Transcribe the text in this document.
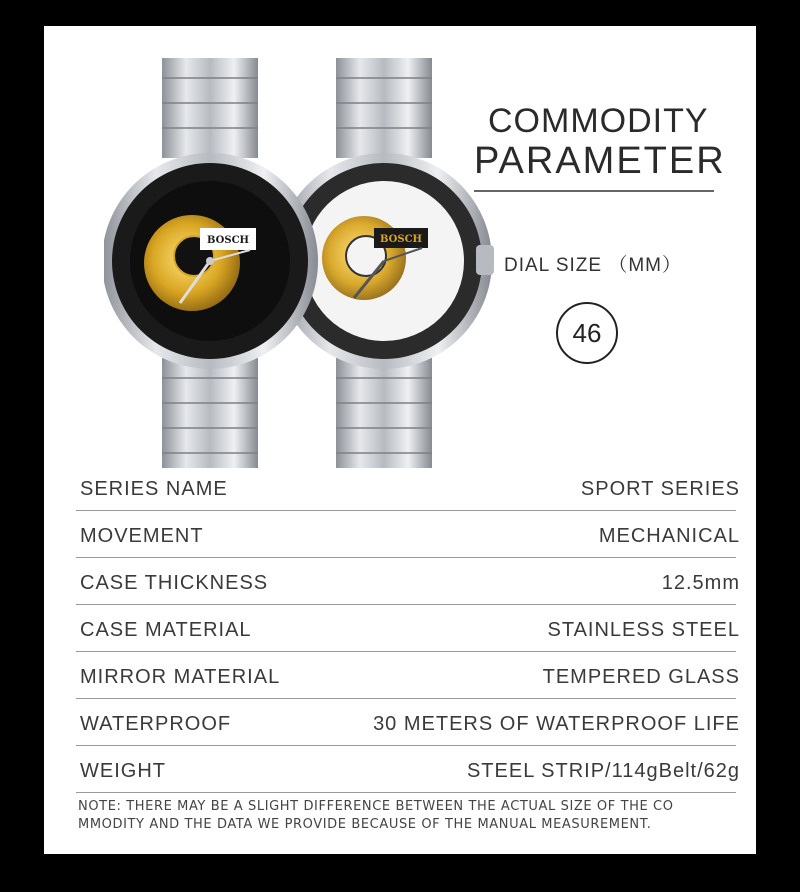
BOSCH
BOSCH
COMMODITY
PARAMETER
DIAL SIZE （MM）
46
SERIES NAME	SPORT SERIES
MOVEMENT	MECHANICAL
CASE THICKNESS	12.5mm
CASE MATERIAL	STAINLESS STEEL
MIRROR MATERIAL	TEMPERED GLASS
WATERPROOF	30 METERS OF WATERPROOF LIFE
WEIGHT	STEEL STRIP/114gBelt/62g
NOTE: THERE MAY BE A SLIGHT DIFFERENCE BETWEEN THE ACTUAL SIZE OF THE CO
MMODITY AND THE DATA WE PROVIDE BECAUSE OF THE MANUAL MEASUREMENT.
